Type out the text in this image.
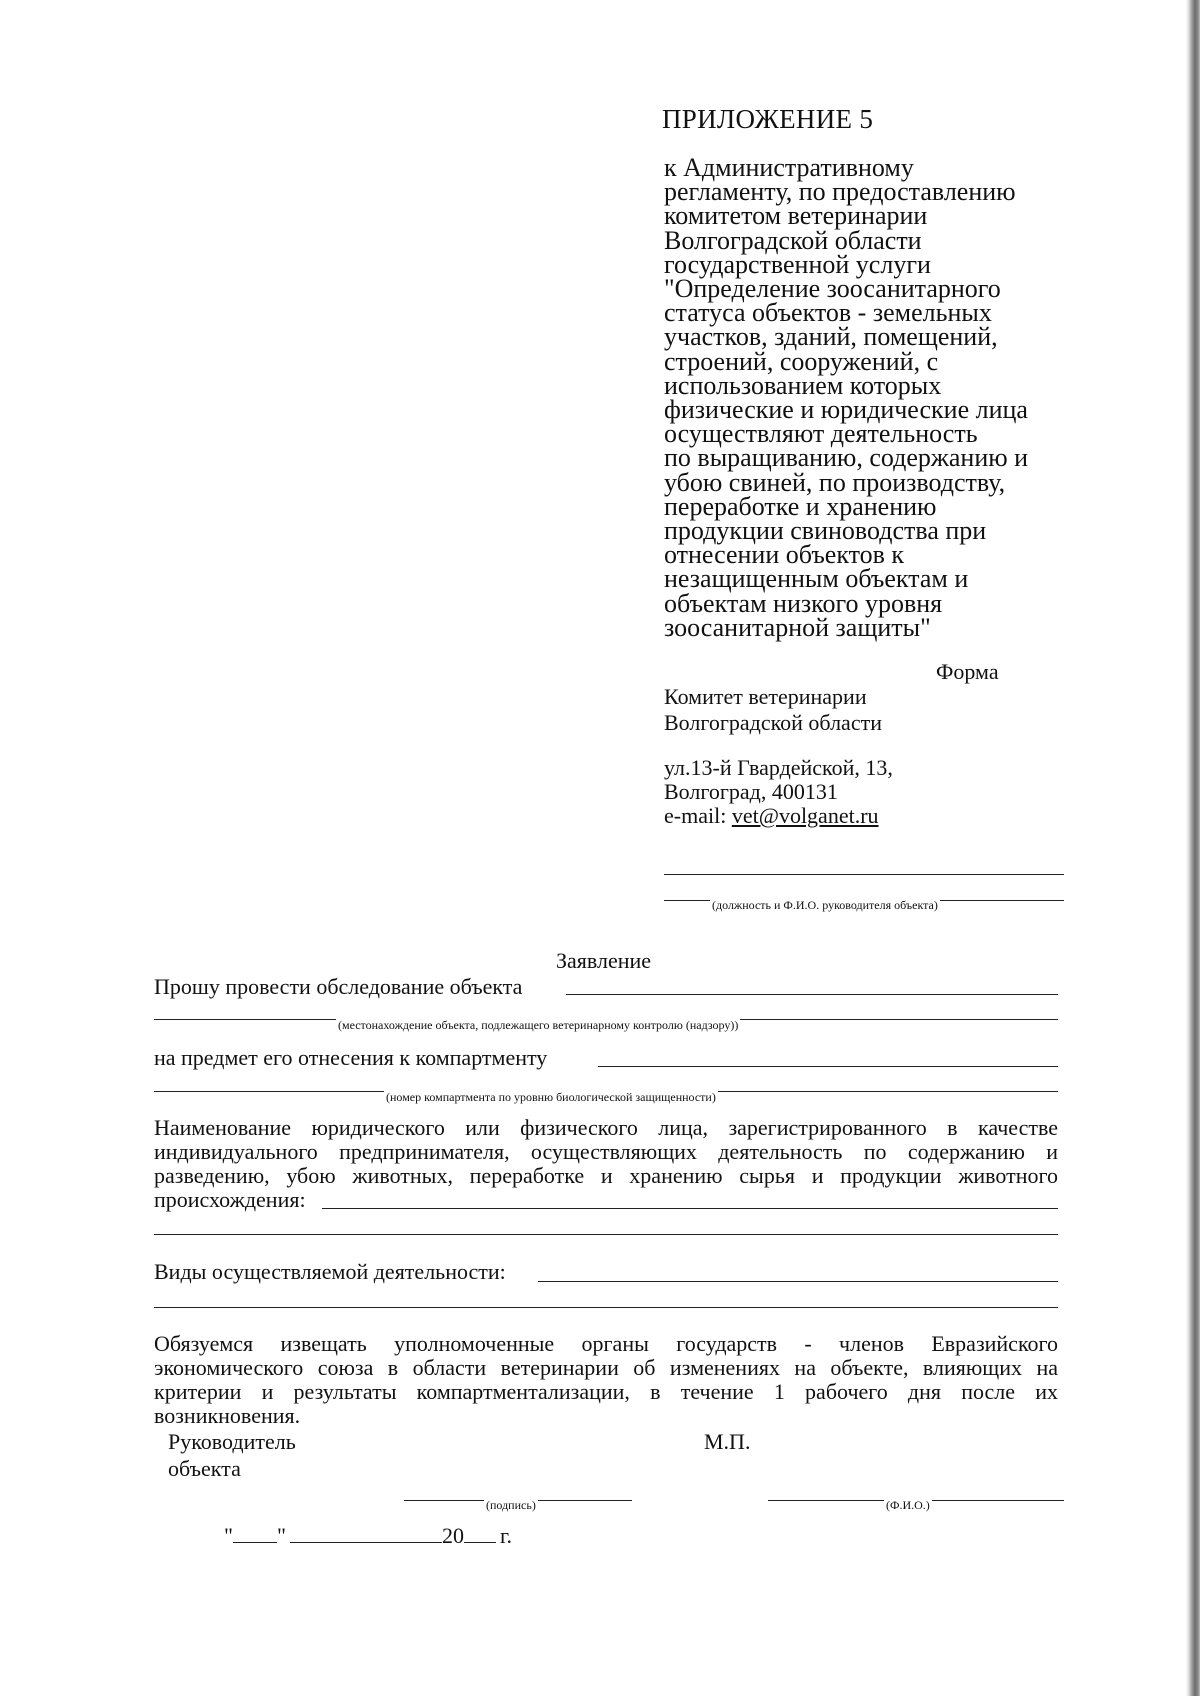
ПРИЛОЖЕНИЕ 5
к Административному
регламенту, по предоставлению
комитетом ветеринарии
Волгоградской области
государственной услуги
"Определение зоосанитарного
статуса объектов - земельных
участков, зданий, помещений,
строений, сооружений, с
использованием которых
физические и юридические лица
осуществляют деятельность
по выращиванию, содержанию и
убою свиней, по производству,
переработке и хранению
продукции свиноводства при
отнесении объектов к
незащищенным объектам и
объектам низкого уровня
зоосанитарной защиты"
Форма
Комитет ветеринарии
Волгоградской области
ул.13-й Гвардейской, 13,
Волгоград, 400131
e-mail: vet@volganet.ru
(должность и Ф.И.О. руководителя объекта)
Заявление
Прошу провести обследование объекта
(местонахождение объекта, подлежащего ветеринарному контролю (надзору))
на предмет его отнесения к компартменту
(номер компартмента по уровню биологической защищенности)
Наименование юридического или физического лица, зарегистрированного в качестве
индивидуального предпринимателя, осуществляющих деятельность по содержанию и
разведению, убою животных, переработке и хранению сырья и продукции животного
происхождения:
Виды осуществляемой деятельности:
Обязуемся извещать уполномоченные органы государств - членов Евразийского
экономического союза в области ветеринарии об изменениях на объекте, влияющих на
критерии и результаты компартментализации, в течение 1 рабочего дня после их
возникновения.
Руководитель
объекта
М.П.
(подпись)	(Ф.И.О.)
" "	20 г.
